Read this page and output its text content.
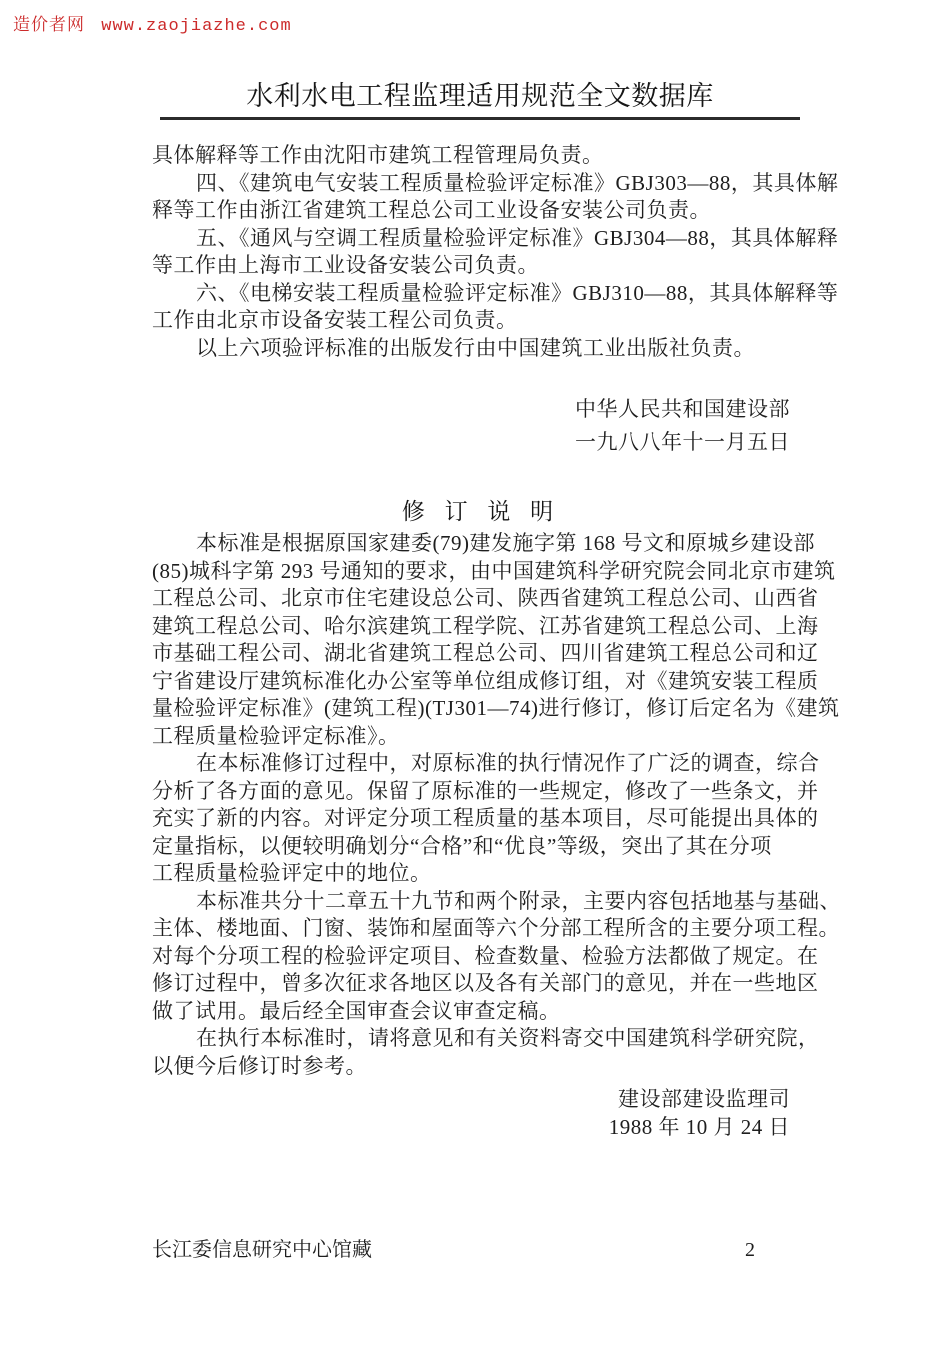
造价者网 www.zaojiazhe.com
水利水电工程监理适用规范全文数据库
具体解释等工作由沈阳市建筑工程管理局负责。
四、《建筑电气安装工程质量检验评定标准》GBJ303—88，其具体解
释等工作由浙江省建筑工程总公司工业设备安装公司负责。
五、《通风与空调工程质量检验评定标准》GBJ304—88，其具体解释
等工作由上海市工业设备安装公司负责。
六、《电梯安装工程质量检验评定标准》GBJ310—88，其具体解释等
工作由北京市设备安装工程公司负责。
以上六项验评标准的出版发行由中国建筑工业出版社负责。
中华人民共和国建设部
一九八八年十一月五日
修 订 说 明
本标准是根据原国家建委(79)建发施字第 168 号文和原城乡建设部
(85)城科字第 293 号通知的要求，由中国建筑科学研究院会同北京市建筑
工程总公司、北京市住宅建设总公司、陕西省建筑工程总公司、山西省
建筑工程总公司、哈尔滨建筑工程学院、江苏省建筑工程总公司、上海
市基础工程公司、湖北省建筑工程总公司、四川省建筑工程总公司和辽
宁省建设厅建筑标准化办公室等单位组成修订组，对《建筑安装工程质
量检验评定标准》(建筑工程)(TJ301—74)进行修订，修订后定名为《建筑
工程质量检验评定标准》。
在本标准修订过程中，对原标准的执行情况作了广泛的调查，综合
分析了各方面的意见。保留了原标准的一些规定，修改了一些条文，并
充实了新的内容。对评定分项工程质量的基本项目，尽可能提出具体的
定量指标，以便较明确划分“合格”和“优良”等级，突出了其在分项
工程质量检验评定中的地位。
本标准共分十二章五十九节和两个附录，主要内容包括地基与基础、
主体、楼地面、门窗、装饰和屋面等六个分部工程所含的主要分项工程。
对每个分项工程的检验评定项目、检查数量、检验方法都做了规定。在
修订过程中，曾多次征求各地区以及各有关部门的意见，并在一些地区
做了试用。最后经全国审查会议审查定稿。
在执行本标准时，请将意见和有关资料寄交中国建筑科学研究院，
以便今后修订时参考。
建设部建设监理司
1988 年 10 月 24 日
长江委信息研究中心馆藏	2
